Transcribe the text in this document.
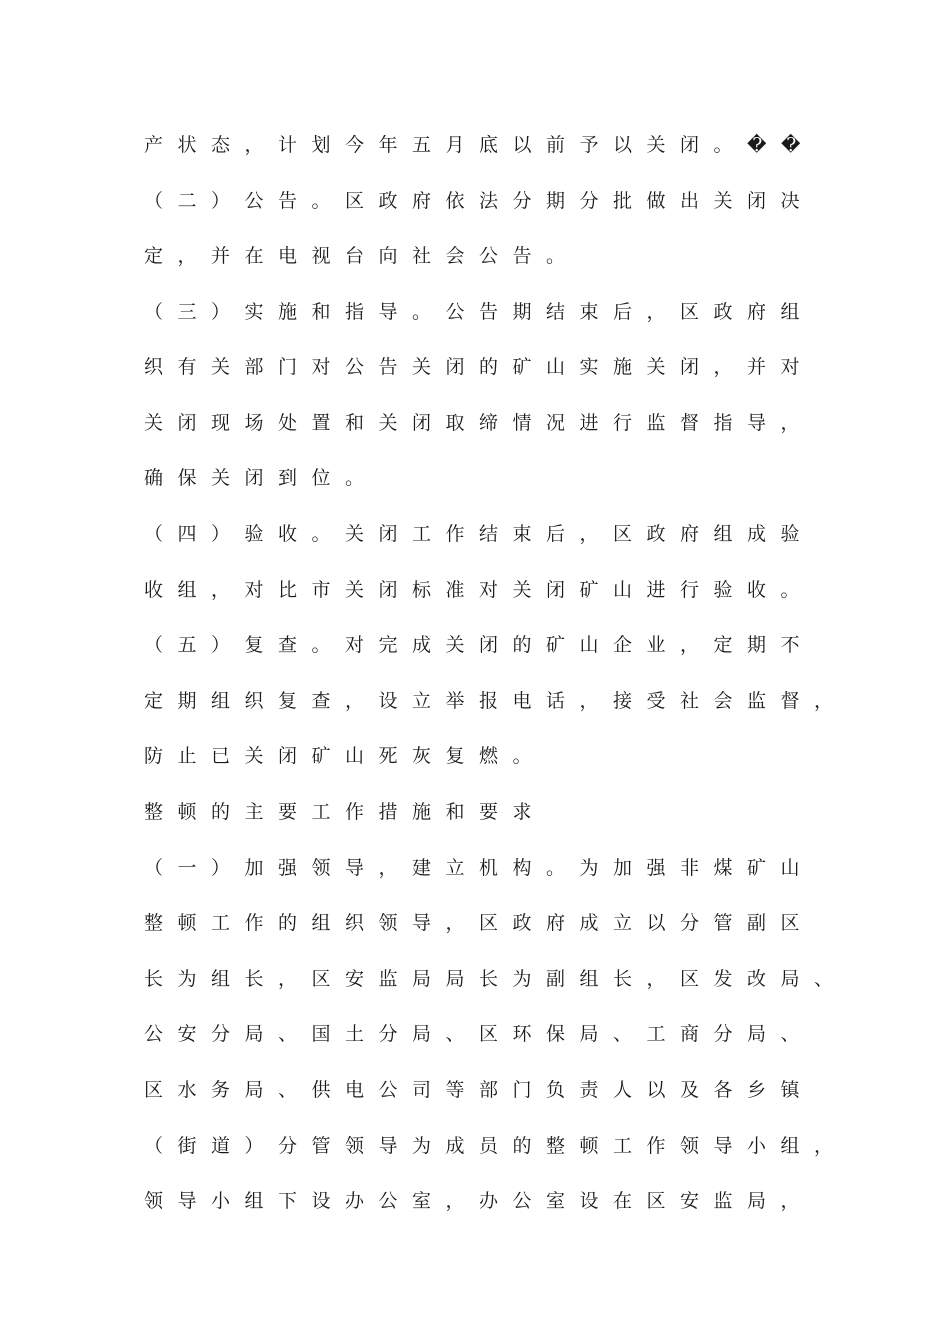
产状态，计划今年五月底以前予以关闭。��
（二）公告。区政府依法分期分批做出关闭决
定，并在电视台向社会公告。
（三）实施和指导。公告期结束后，区政府组
织有关部门对公告关闭的矿山实施关闭，并对
关闭现场处置和关闭取缔情况进行监督指导，
确保关闭到位。
（四）验收。关闭工作结束后，区政府组成验
收组，对比市关闭标准对关闭矿山进行验收。
（五）复查。对完成关闭的矿山企业，定期不
定期组织复查，设立举报电话，接受社会监督，
防止已关闭矿山死灰复燃。
整顿的主要工作措施和要求
（一）加强领导，建立机构。为加强非煤矿山
整顿工作的组织领导，区政府成立以分管副区
长为组长，区安监局局长为副组长，区发改局、
公安分局、国土分局、区环保局、工商分局、
区水务局、供电公司等部门负责人以及各乡镇
（街道）分管领导为成员的整顿工作领导小组，
领导小组下设办公室，办公室设在区安监局，
